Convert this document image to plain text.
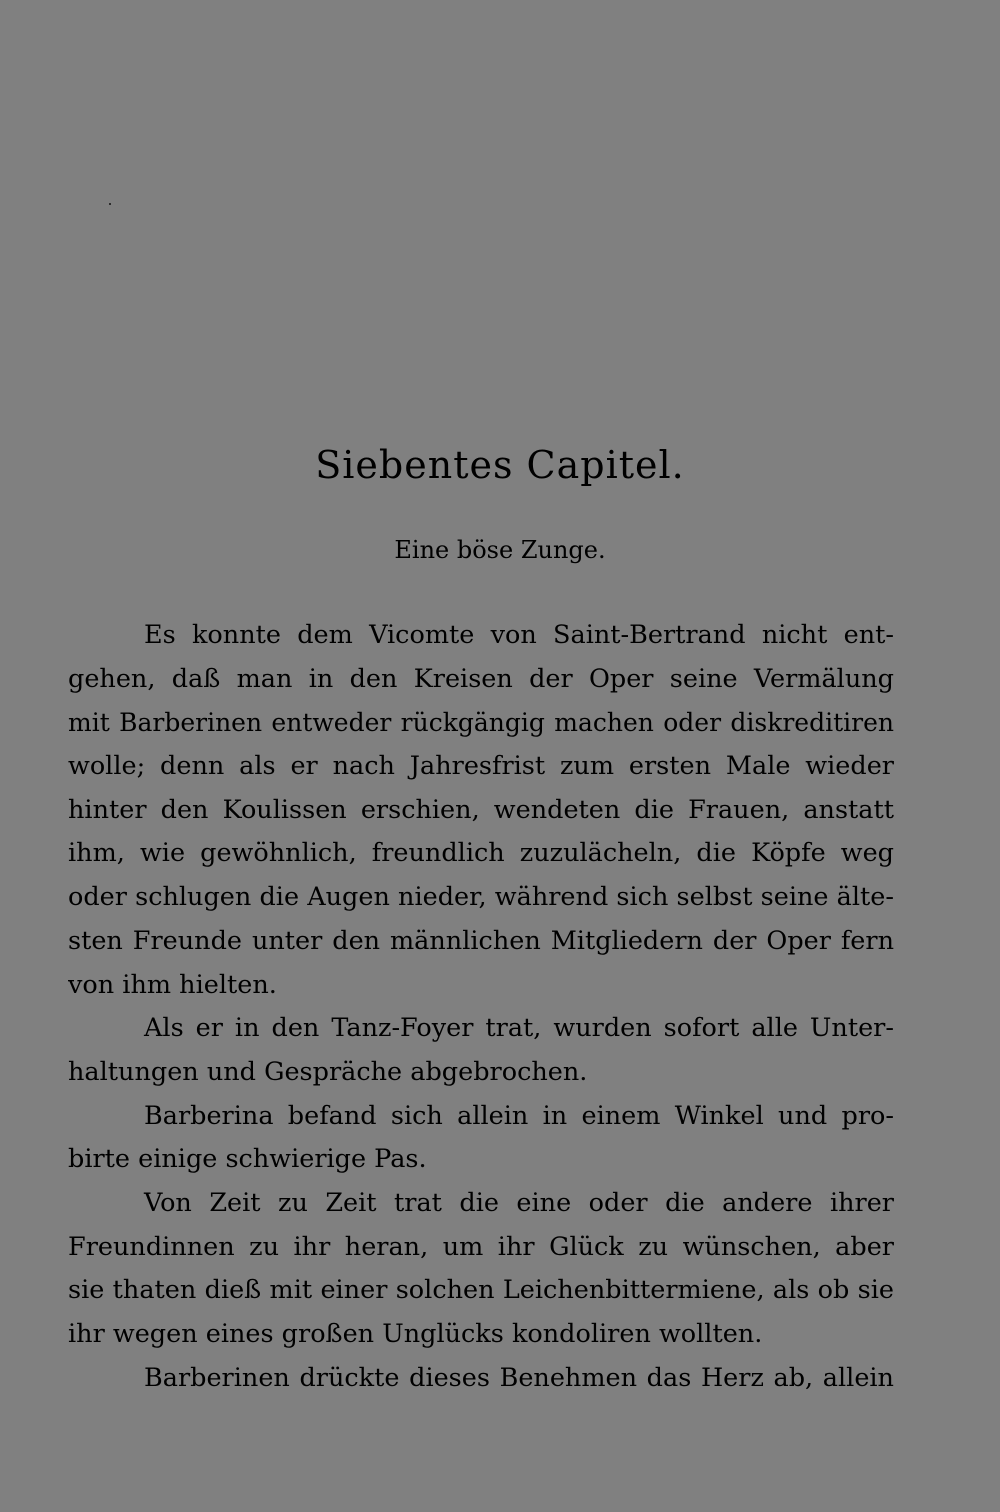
Siebentes Capitel.
Eine böse Zunge.
Es konnte dem Vicomte von Saint-Bertrand nicht ent-
gehen, daß man in den Kreisen der Oper seine Vermälung
mit Barberinen entweder rückgängig machen oder diskreditiren
wolle; denn als er nach Jahresfrist zum ersten Male wieder
hinter den Koulissen erschien, wendeten die Frauen, anstatt
ihm, wie gewöhnlich, freundlich zuzulächeln, die Köpfe weg
oder schlugen die Augen nieder, während sich selbst seine älte-
sten Freunde unter den männlichen Mitgliedern der Oper fern
von ihm hielten.
Als er in den Tanz-Foyer trat, wurden sofort alle Unter-
haltungen und Gespräche abgebrochen.
Barberina befand sich allein in einem Winkel und pro-
birte einige schwierige Pas.
Von Zeit zu Zeit trat die eine oder die andere ihrer
Freundinnen zu ihr heran, um ihr Glück zu wünschen, aber
sie thaten dieß mit einer solchen Leichenbittermiene, als ob sie
ihr wegen eines großen Unglücks kondoliren wollten.
Barberinen drückte dieses Benehmen das Herz ab, allein
